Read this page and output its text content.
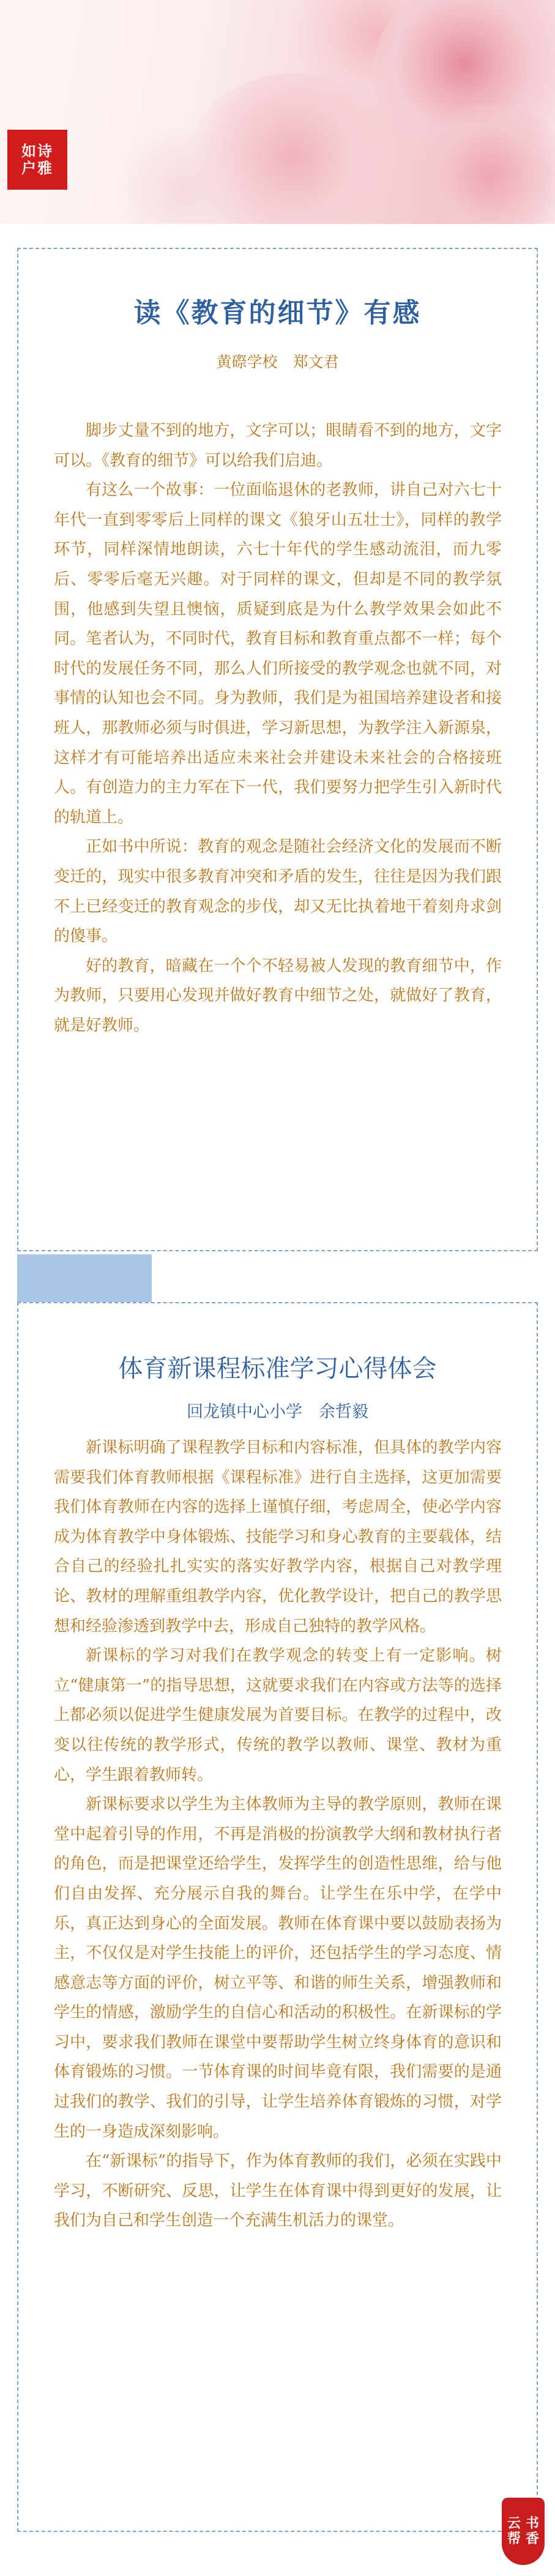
如诗
户雅
读《教育的细节》有感
黄磜学校　郑文君

脚步丈量不到的地方，文字可以；眼睛看不到的地方，文字可以。《教育的细节》可以给我们启迪。

有这么一个故事：一位面临退休的老教师，讲自己对六七十年代一直到零零后上同样的课文《狼牙山五壮士》，同样的教学环节，同样深情地朗读，六七十年代的学生感动流泪，而九零后、零零后毫无兴趣。对于同样的课文，但却是不同的教学氛围，他感到失望且懊恼，质疑到底是为什么教学效果会如此不同。笔者认为，不同时代，教育目标和教育重点都不一样；每个时代的发展任务不同，那么人们所接受的教学观念也就不同，对事情的认知也会不同。身为教师，我们是为祖国培养建设者和接班人，那教师必须与时俱进，学习新思想，为教学注入新源泉，这样才有可能培养出适应未来社会并建设未来社会的合格接班人。有创造力的主力军在下一代，我们要努力把学生引入新时代的轨道上。

正如书中所说：教育的观念是随社会经济文化的发展而不断变迁的，现实中很多教育冲突和矛盾的发生，往往是因为我们跟不上已经变迁的教育观念的步伐，却又无比执着地干着刻舟求剑的傻事。

好的教育，暗藏在一个个不轻易被人发现的教育细节中，作为教师，只要用心发现并做好教育中细节之处，就做好了教育，就是好教师。

体育新课程标准学习心得体会
回龙镇中心小学　余哲毅

新课标明确了课程教学目标和内容标准，但具体的教学内容需要我们体育教师根据《课程标准》进行自主选择，这更加需要我们体育教师在内容的选择上谨慎仔细，考虑周全，使必学内容成为体育教学中身体锻炼、技能学习和身心教育的主要载体，结合自己的经验扎扎实实的落实好教学内容，根据自己对教学理论、教材的理解重组教学内容，优化教学设计，把自己的教学思想和经验渗透到教学中去，形成自己独特的教学风格。

新课标的学习对我们在教学观念的转变上有一定影响。树立“健康第一”的指导思想，这就要求我们在内容或方法等的选择上都必须以促进学生健康发展为首要目标。在教学的过程中，改变以往传统的教学形式，传统的教学以教师、课堂、教材为重心，学生跟着教师转。

新课标要求以学生为主体教师为主导的教学原则，教师在课堂中起着引导的作用，不再是消极的扮演教学大纲和教材执行者的角色，而是把课堂还给学生，发挥学生的创造性思维，给与他们自由发挥、充分展示自我的舞台。让学生在乐中学，在学中乐，真正达到身心的全面发展。教师在体育课中要以鼓励表扬为主，不仅仅是对学生技能上的评价，还包括学生的学习态度、情感意志等方面的评价，树立平等、和谐的师生关系，增强教师和学生的情感，激励学生的自信心和活动的积极性。在新课标的学习中，要求我们教师在课堂中要帮助学生树立终身体育的意识和体育锻炼的习惯。一节体育课的时间毕竟有限，我们需要的是通过我们的教学、我们的引导，让学生培养体育锻炼的习惯，对学生的一身造成深刻影响。

在“新课标”的指导下，作为体育教师的我们，必须在实践中学习，不断研究、反思，让学生在体育课中得到更好的发展，让我们为自己和学生创造一个充满生机活力的课堂。

云
帮
书
香
